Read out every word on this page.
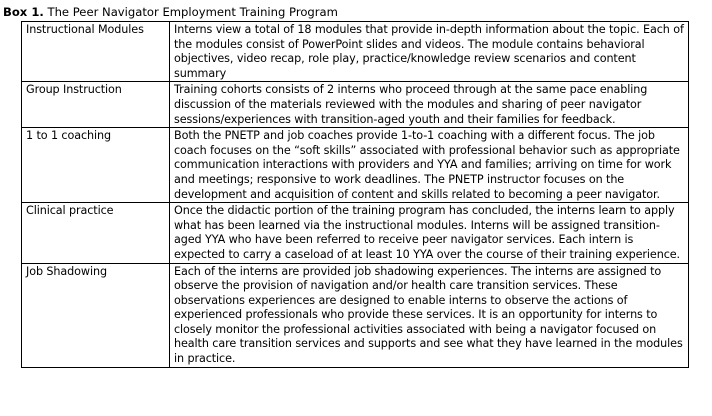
Box 1. The Peer Navigator Employment Training Program
Instructional Modules	Interns view a total of 18 modules that provide in-depth information about the topic. Each of the modules consist of PowerPoint slides and videos. The module contains behavioral objectives, video recap, role play, practice/knowledge review scenarios and content summary
Group Instruction	Training cohorts consists of 2 interns who proceed through at the same pace enabling discussion of the materials reviewed with the modules and sharing of peer navigator sessions/experiences with transition-aged youth and their families for feedback.
1 to 1 coaching	Both the PNETP and job coaches provide 1-to-1 coaching with a different focus. The job coach focuses on the “soft skills” associated with professional behavior such as appropriate communication interactions with providers and YYA and families; arriving on time for work and meetings; responsive to work deadlines. The PNETP instructor focuses on the development and acquisition of content and skills related to becoming a peer navigator.
Clinical practice	Once the didactic portion of the training program has concluded, the interns learn to apply what has been learned via the instructional modules. Interns will be assigned transition-aged YYA who have been referred to receive peer navigator services. Each intern is expected to carry a caseload of at least 10 YYA over the course of their training experience.
Job Shadowing	Each of the interns are provided job shadowing experiences. The interns are assigned to observe the provision of navigation and/or health care transition services. These observations experiences are designed to enable interns to observe the actions of experienced professionals who provide these services. It is an opportunity for interns to closely monitor the professional activities associated with being a navigator focused on health care transition services and supports and see what they have learned in the modules in practice.
